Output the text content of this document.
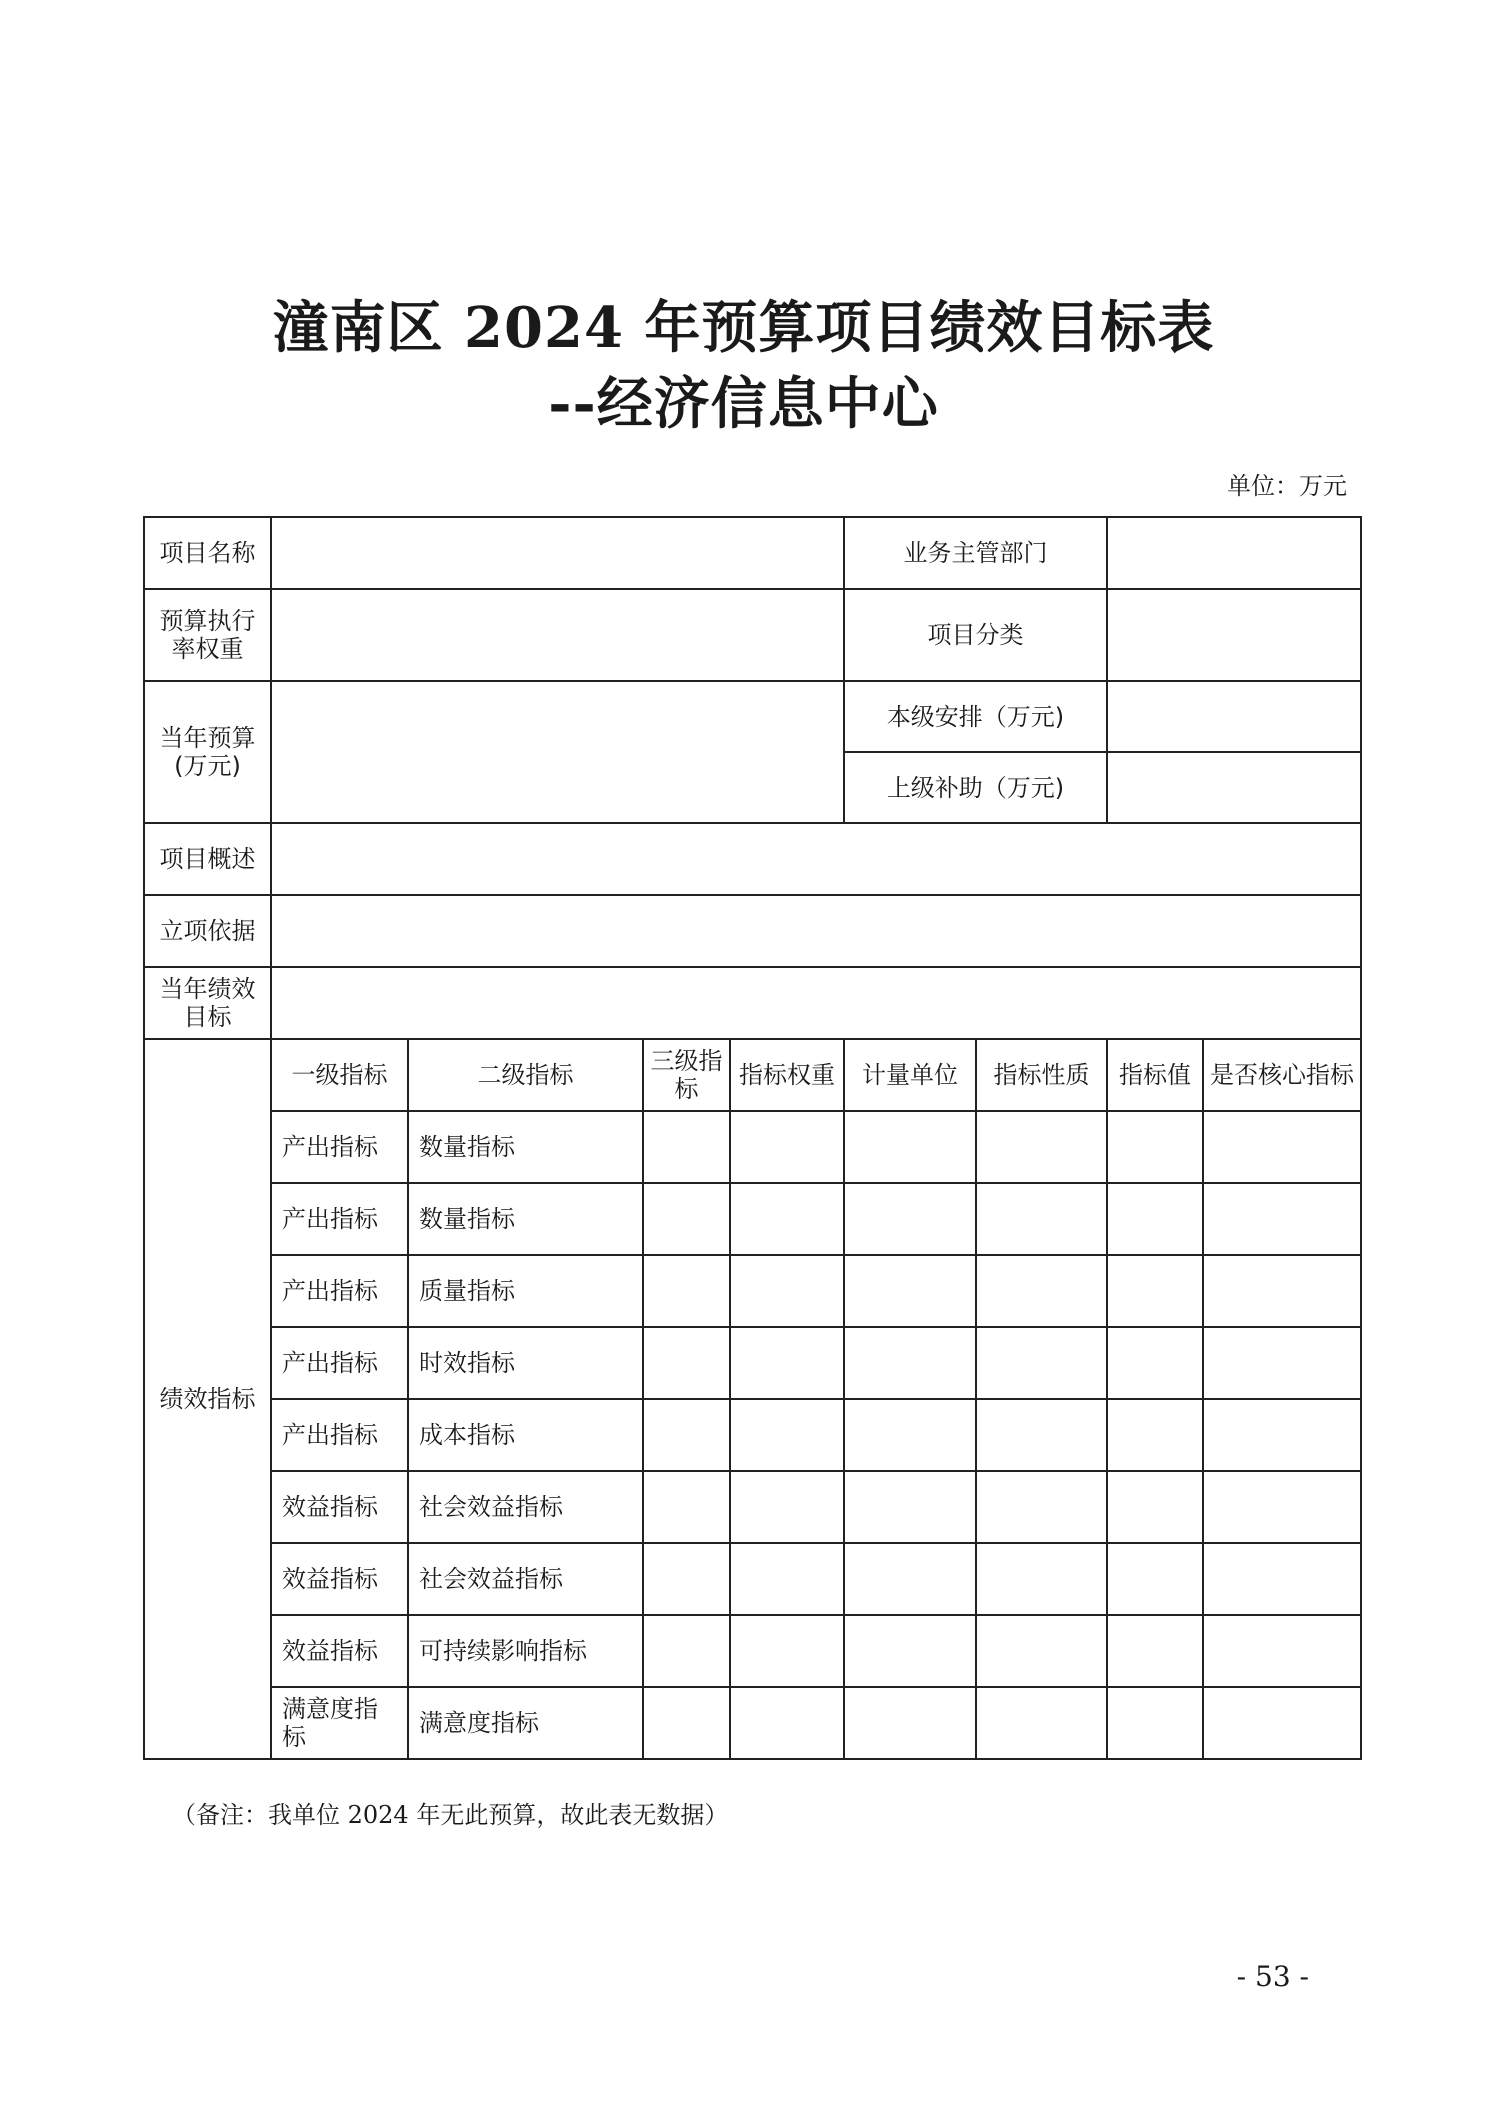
潼南区 2024 年预算项目绩效目标表
--经济信息中心
单位：万元
项目名称					业务主管部门			
预算执行率权重					项目分类			
当年预算(万元)					本级安排（万元)			
					上级补助（万元)			
项目概述								
立项依据								
当年绩效目标								
绩效指标	一级指标	二级指标	三级指标	指标权重	计量单位	指标性质	指标值	是否核心指标
	产出指标	数量指标						
	产出指标	数量指标						
	产出指标	质量指标						
	产出指标	时效指标						
	产出指标	成本指标						
	效益指标	社会效益指标						
	效益指标	社会效益指标						
	效益指标	可持续影响指标						
	满意度指标	满意度指标						
（备注：我单位 2024 年无此预算，故此表无数据）
- 53 -
